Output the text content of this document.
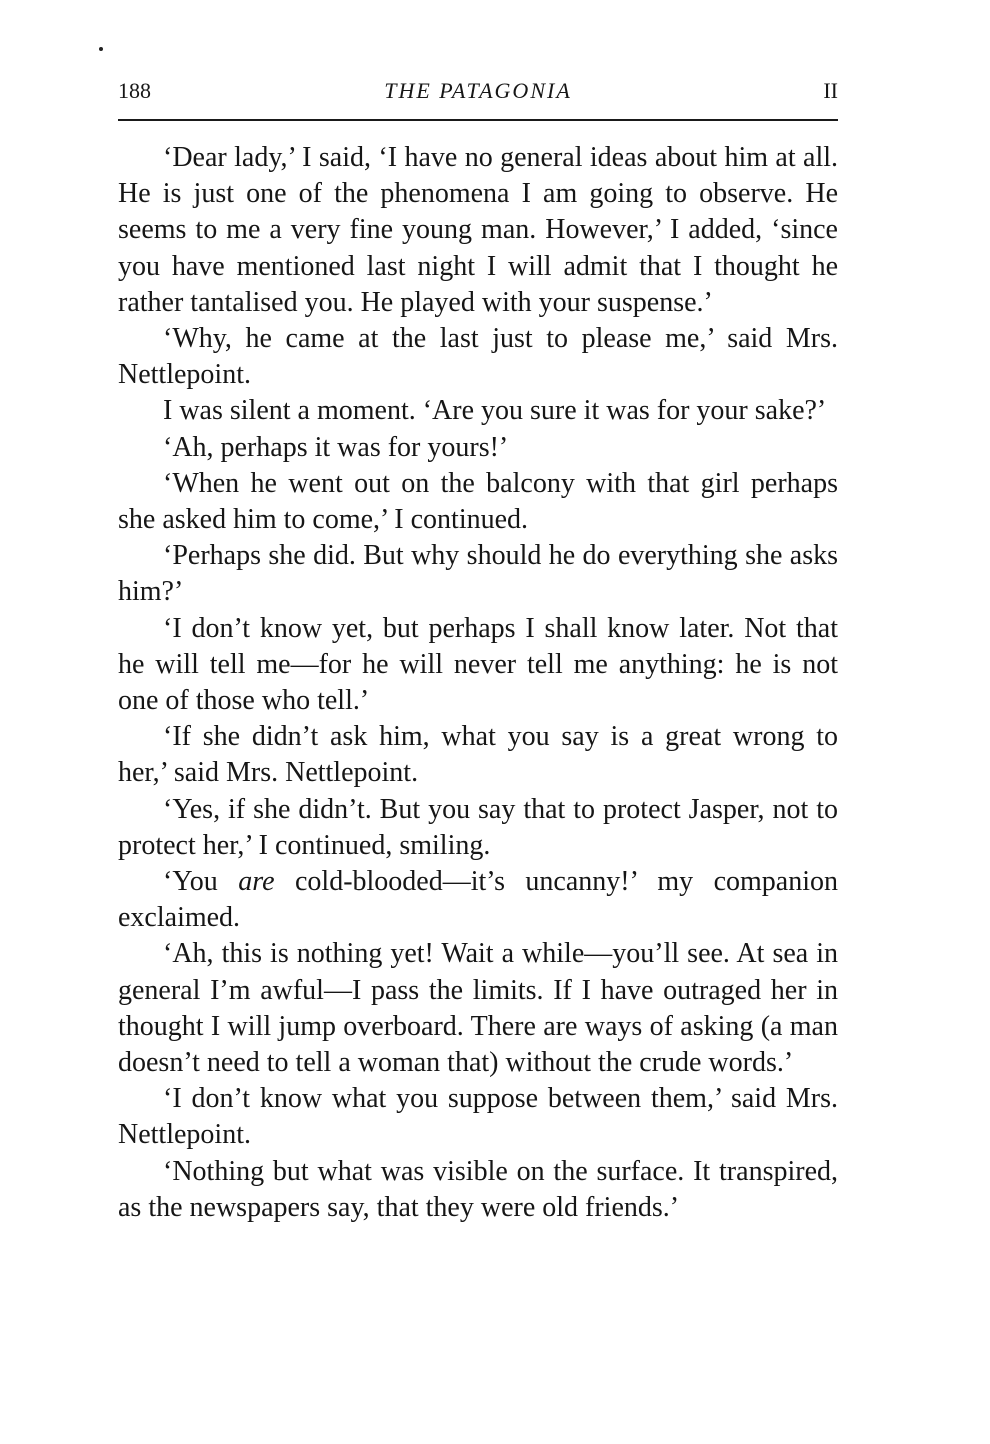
188	THE PATAGONIA	II

‘Dear lady,’ I said, ‘I have no general ideas about him at all. He is just one of the phenomena I am going to observe. He seems to me a very fine young man. However,’ I added, ‘since you have mentioned last night I will admit that I thought he rather tantalised you. He played with your suspense.’

‘Why, he came at the last just to please me,’ said Mrs. Nettlepoint.

I was silent a moment. ‘Are you sure it was for your sake?’

‘Ah, perhaps it was for yours!’

‘When he went out on the balcony with that girl perhaps she asked him to come,’ I continued.

‘Perhaps she did. But why should he do everything she asks him?’

‘I don’t know yet, but perhaps I shall know later. Not that he will tell me—for he will never tell me anything: he is not one of those who tell.’

‘If she didn’t ask him, what you say is a great wrong to her,’ said Mrs. Nettlepoint.

‘Yes, if she didn’t. But you say that to protect Jasper, not to protect her,’ I continued, smiling.

‘You are cold-blooded—it’s uncanny!’ my companion exclaimed.

‘Ah, this is nothing yet! Wait a while—you’ll see. At sea in general I’m awful—I pass the limits. If I have outraged her in thought I will jump overboard. There are ways of asking (a man doesn’t need to tell a woman that) without the crude words.’

‘I don’t know what you suppose between them,’ said Mrs. Nettlepoint.

‘Nothing but what was visible on the surface. It transpired, as the newspapers say, that they were old friends.’
